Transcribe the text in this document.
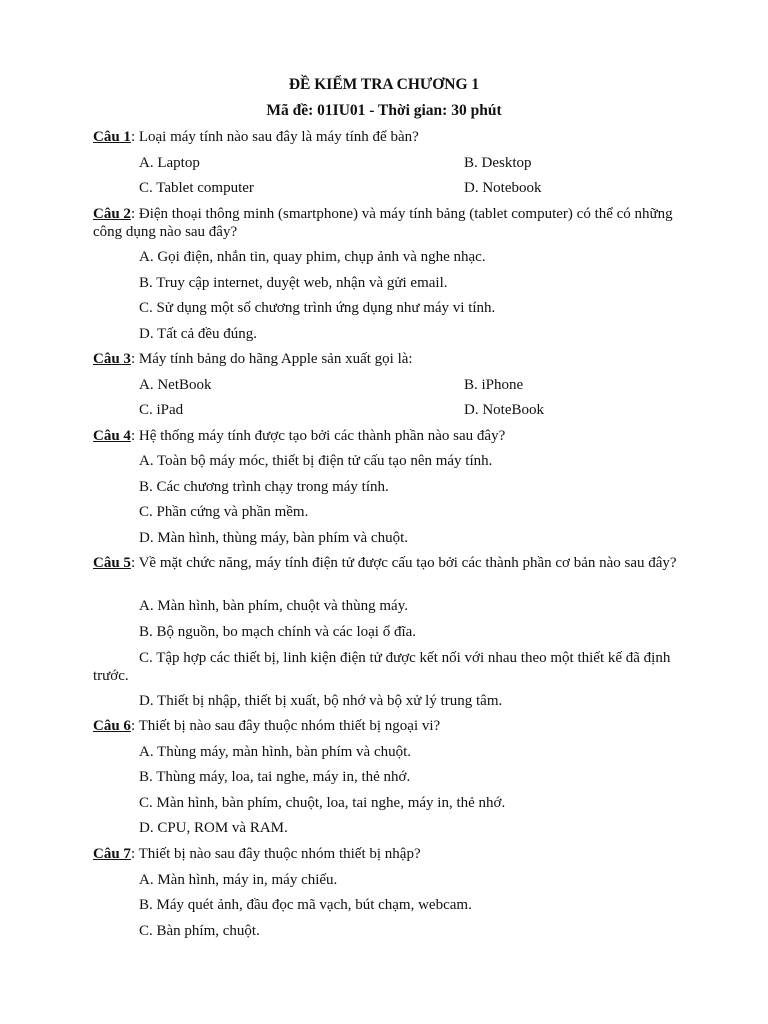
ĐỀ KIỂM TRA CHƯƠNG 1

Mã đề: 01IU01 - Thời gian: 30 phút

Câu 1: Loại máy tính nào sau đây là máy tính để bàn?

A. Laptop	B. Desktop

C. Tablet computer	D. Notebook

Câu 2: Điện thoại thông minh (smartphone) và máy tính bảng (tablet computer) có thể có những công dụng nào sau đây?

A. Gọi điện, nhắn tin, quay phim, chụp ảnh và nghe nhạc.

B. Truy cập internet, duyệt web, nhận và gửi email.

C. Sử dụng một số chương trình ứng dụng như máy vi tính.

D. Tất cả đều đúng.

Câu 3: Máy tính bảng do hãng Apple sản xuất gọi là:

A. NetBook	B. iPhone

C. iPad	D. NoteBook

Câu 4: Hệ thống máy tính được tạo bởi các thành phần nào sau đây?

A. Toàn bộ máy móc, thiết bị điện tử cấu tạo nên máy tính.

B. Các chương trình chạy trong máy tính.

C. Phần cứng và phần mềm.

D. Màn hình, thùng máy, bàn phím và chuột.

Câu 5: Về mặt chức năng, máy tính điện tử được cấu tạo bởi các thành phần cơ bản nào sau đây?

A. Màn hình, bàn phím, chuột và thùng máy.

B. Bộ nguồn, bo mạch chính và các loại ổ đĩa.

C. Tập hợp các thiết bị, linh kiện điện tử được kết nối với nhau theo một thiết kế đã định trước.

D. Thiết bị nhập, thiết bị xuất, bộ nhớ và bộ xử lý trung tâm.

Câu 6: Thiết bị nào sau đây thuộc nhóm thiết bị ngoại vi?

A. Thùng máy, màn hình, bàn phím và chuột.

B. Thùng máy, loa, tai nghe, máy in, thẻ nhớ.

C. Màn hình, bàn phím, chuột, loa, tai nghe, máy in, thẻ nhớ.

D. CPU, ROM và RAM.

Câu 7: Thiết bị nào sau đây thuộc nhóm thiết bị nhập?

A. Màn hình, máy in, máy chiếu.

B. Máy quét ảnh, đầu đọc mã vạch, bút chạm, webcam.

C. Bàn phím, chuột.
